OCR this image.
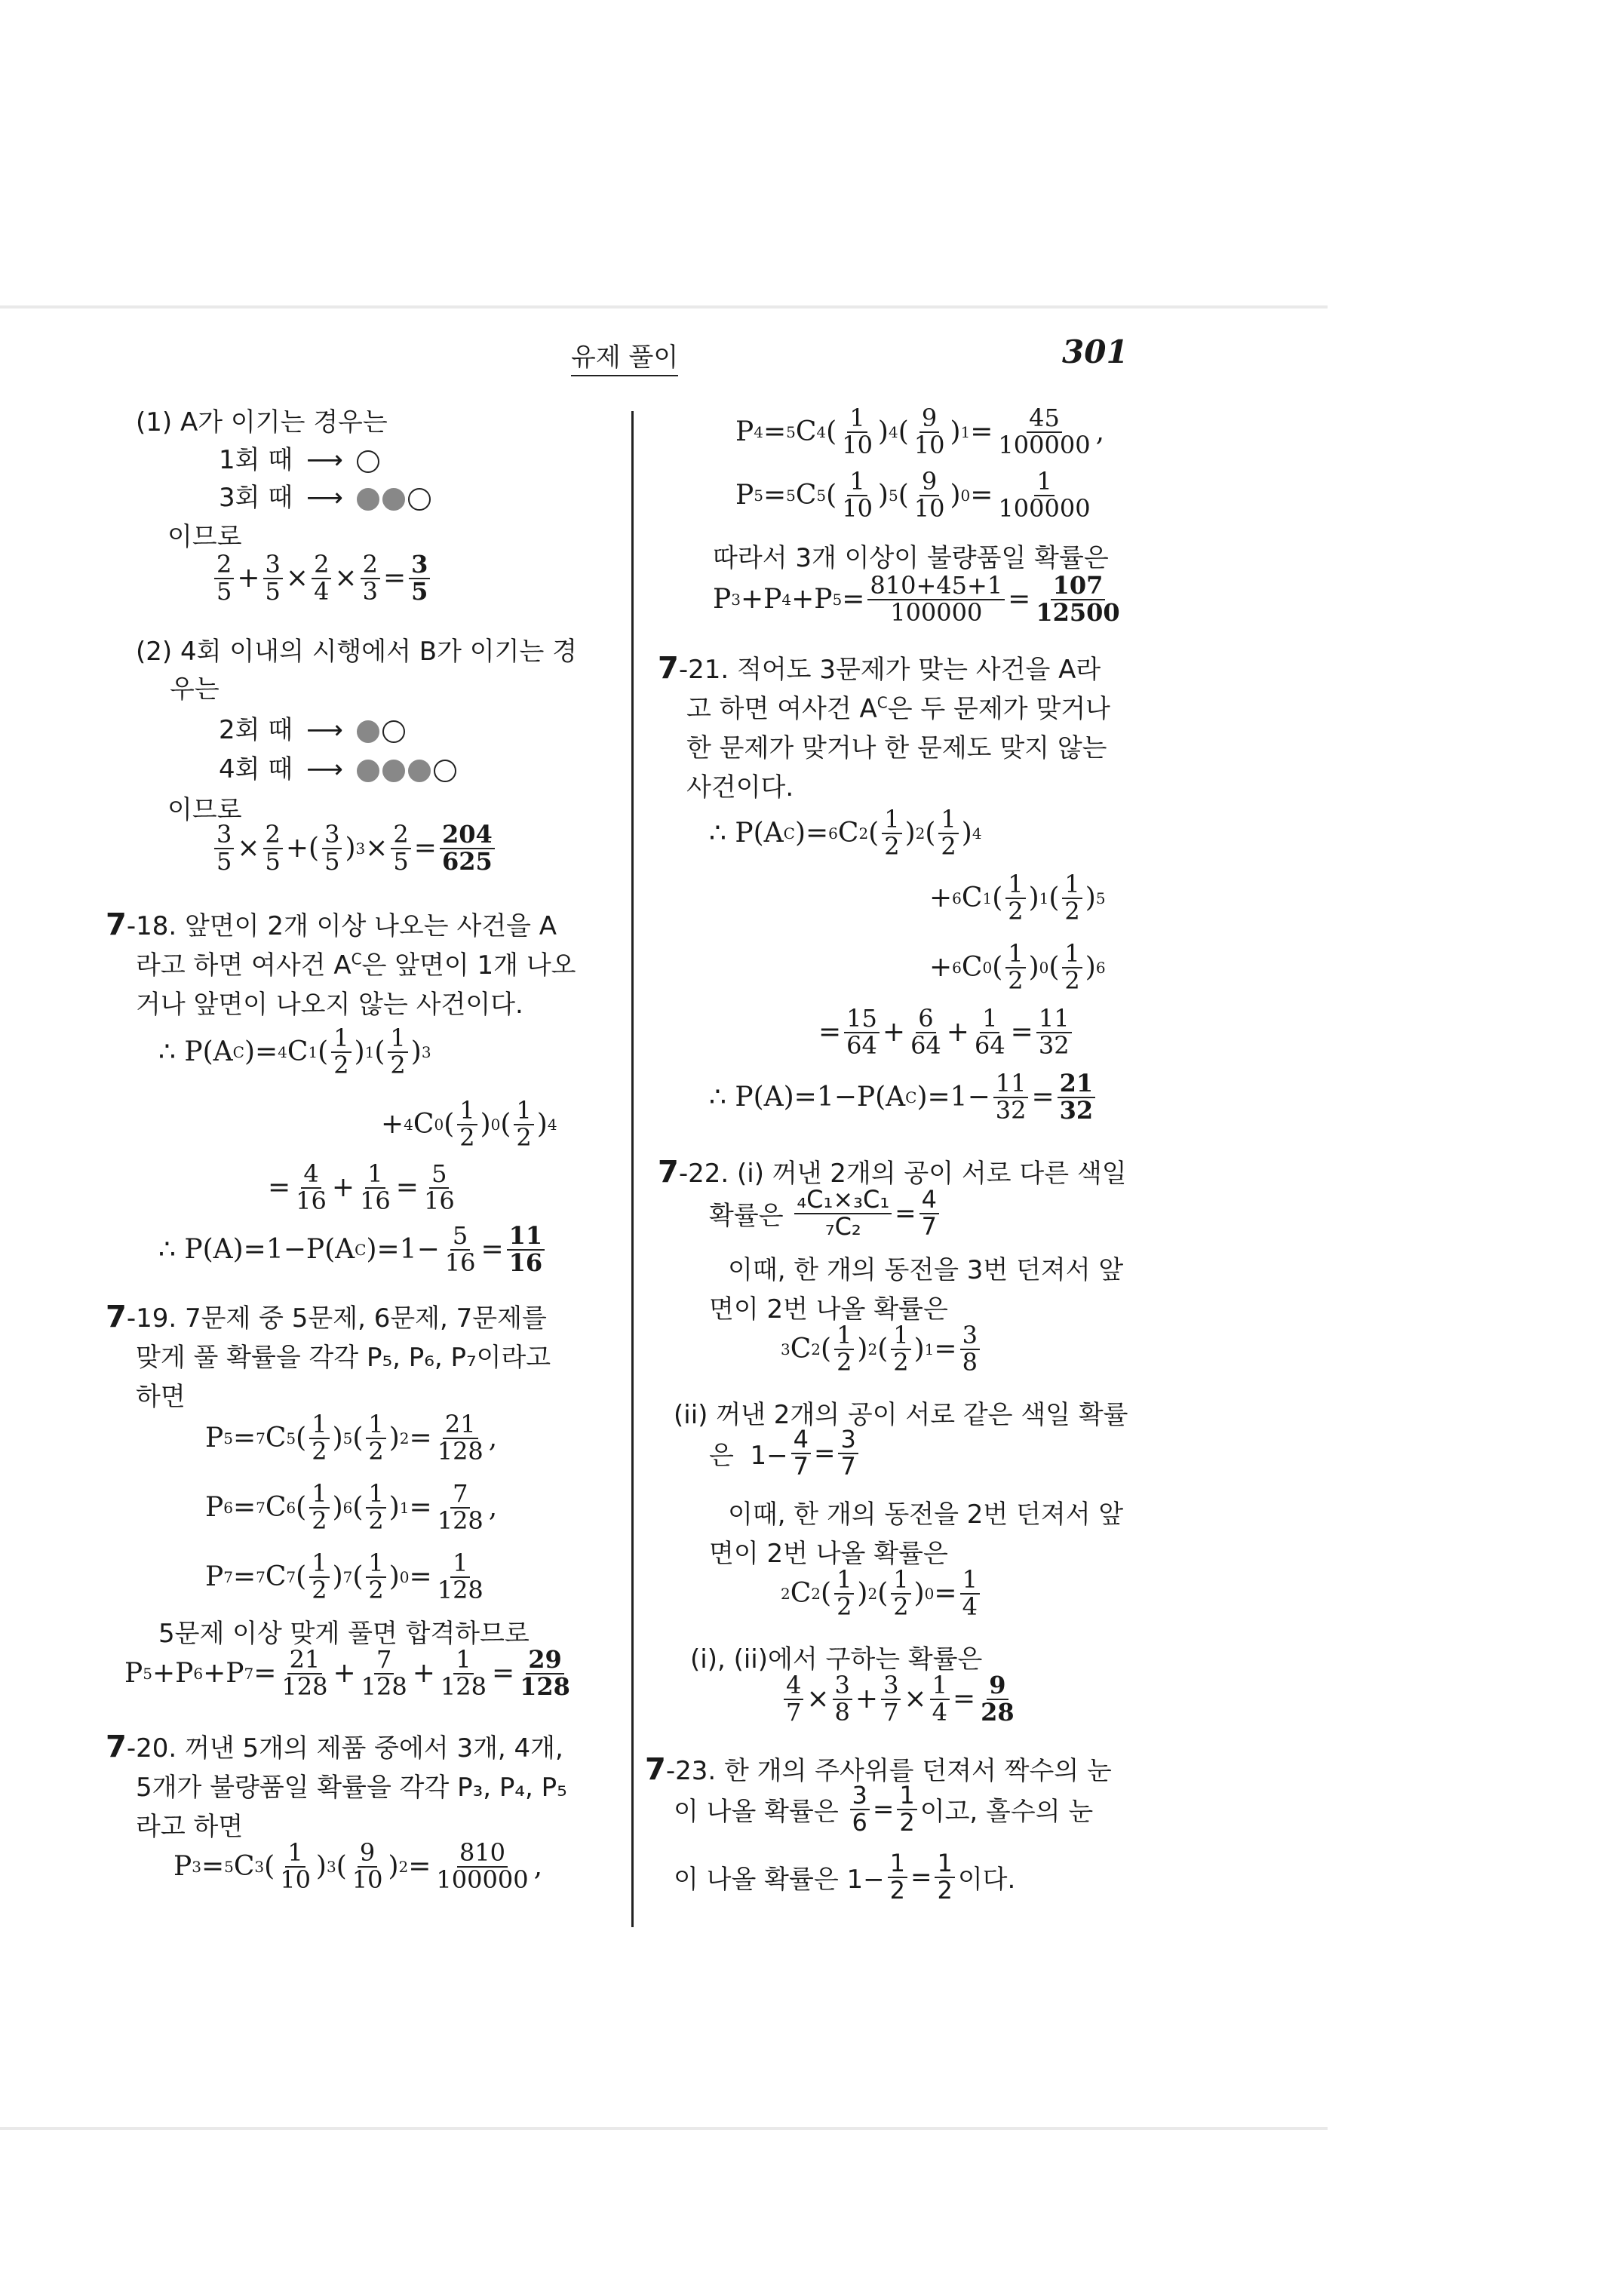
유제 풀이	301
(1) A가 이기는 경우는
1회 때 ⟶
3회 때 ⟶
이므로
$\frac{2}{5} + \frac{3}{5} \times \frac{2}{4} \times \frac{2}{3} = \frac{3}{5}$
(2) 4회 이내의 시행에서 B가 이기는 경
우는
2회 때 ⟶
4회 때 ⟶
이므로
$\frac{3}{5} \times \frac{2}{5}$ +( $\frac{3}{5}$ ) $3 \times \frac{2}{5} = \frac{204}{625}$
7-18. 앞면이 2개 이상 나오는 사건을 A
라고 하면 여사건 $A^C$은 앞면이 1개 나오
거나 앞면이 나오지 않는 사건이다.
∴ P(A C )= 4 C 1 ( $\frac{1}{2}$ ) 1 ( $\frac{1}{2}$ ) 3
+ 4 C 0 ( $\frac{1}{2}$ ) 0 ( $\frac{1}{2}$ ) 4
= $\frac{4}{16} + \frac{1}{16} = \frac{5}{16}$
∴ P(A)=1−P(A C )$=1- \frac{5}{16} = \frac{11}{16}$
7-19. 7문제 중 5문제, 6문제, 7문제를
맞게 풀 확률을 각각 P₅, P₆, P₇이라고
하면
P 5 = 7 C 5 ( $\frac{1}{2}$ ) 5 ( $\frac{1}{2}$ ) $2 = \frac{21}{128}$ ,
P 6 = 7 C 6 ( $\frac{1}{2}$ ) 6 ( $\frac{1}{2}$ ) $1 = \frac{7}{128}$ ,
P 7 = 7 C 7 ( $\frac{1}{2}$ ) 7 ( $\frac{1}{2}$ ) $0 = \frac{1}{128}$
5문제 이상 맞게 풀면 합격하므로
P 5 +P 6 +P $7 = \frac{21}{128} + \frac{7}{128} + \frac{1}{128} = \frac{29}{128}$
7-20. 꺼낸 5개의 제품 중에서 3개, 4개,
5개가 불량품일 확률을 각각 P₃, P₄, P₅
라고 하면
P 3 = 5 C 3 ( $\frac{1}{10}$ ) 3 ( $\frac{9}{10}$ ) $2 = \frac{810}{100000}$ ,
P 4 = 5 C 4 ( $\frac{1}{10}$ ) 4 ( $\frac{9}{10}$ ) $1 = \frac{45}{100000}$ ,
P 5 = 5 C 5 ( $\frac{1}{10}$ ) 5 ( $\frac{9}{10}$ ) $0 = \frac{1}{100000}$
따라서 3개 이상이 불량품일 확률은
P 3 +P 4 +P $5 = \frac{810+45+1}{100000} = \frac{107}{12500}$
7-21. 적어도 3문제가 맞는 사건을 A라
고 하면 여사건 $A^C$은 두 문제가 맞거나
한 문제가 맞거나 한 문제도 맞지 않는
사건이다.
∴ P(A C )= 6 C 2 ( $\frac{1}{2}$ ) 2 ( $\frac{1}{2}$ ) 4
+ 6 C 1 ( $\frac{1}{2}$ ) 1 ( $\frac{1}{2}$ ) 5
+ 6 C 0 ( $\frac{1}{2}$ ) 0 ( $\frac{1}{2}$ ) 6
= $\frac{15}{64} + \frac{6}{64} + \frac{1}{64} = \frac{11}{32}$
∴ P(A)=1−P(A C )$=1- \frac{11}{32} = \frac{21}{32}$
7-22. (i) 꺼낸 2개의 공이 서로 다른 색일
확률은 $\frac{\text{₄C₁×₃C₁}}{\text{₇C₂}} = \frac{4}{7}$
이때, 한 개의 동전을 3번 던져서 앞
면이 2번 나올 확률은
3 C 2 ( $\frac{1}{2}$ ) 2 ( $\frac{1}{2}$ ) $1 = \frac{3}{8}$
(ii) 꺼낸 2개의 공이 서로 같은 색일 확률
은  $1- \frac{4}{7} = \frac{3}{7}$
이때, 한 개의 동전을 2번 던져서 앞
면이 2번 나올 확률은
2 C 2 ( $\frac{1}{2}$ ) 2 ( $\frac{1}{2}$ ) $0 = \frac{1}{4}$
(i), (ii)에서 구하는 확률은
$\frac{4}{7} \times \frac{3}{8} + \frac{3}{7} \times \frac{1}{4} = \frac{9}{28}$
7-23. 한 개의 주사위를 던져서 짝수의 눈
이 나올 확률은 $\frac{3}{6} = \frac{1}{2}$ 이고, 홀수의 눈
이 나올 확률은 $1- \frac{1}{2} = \frac{1}{2}$ 이다.
